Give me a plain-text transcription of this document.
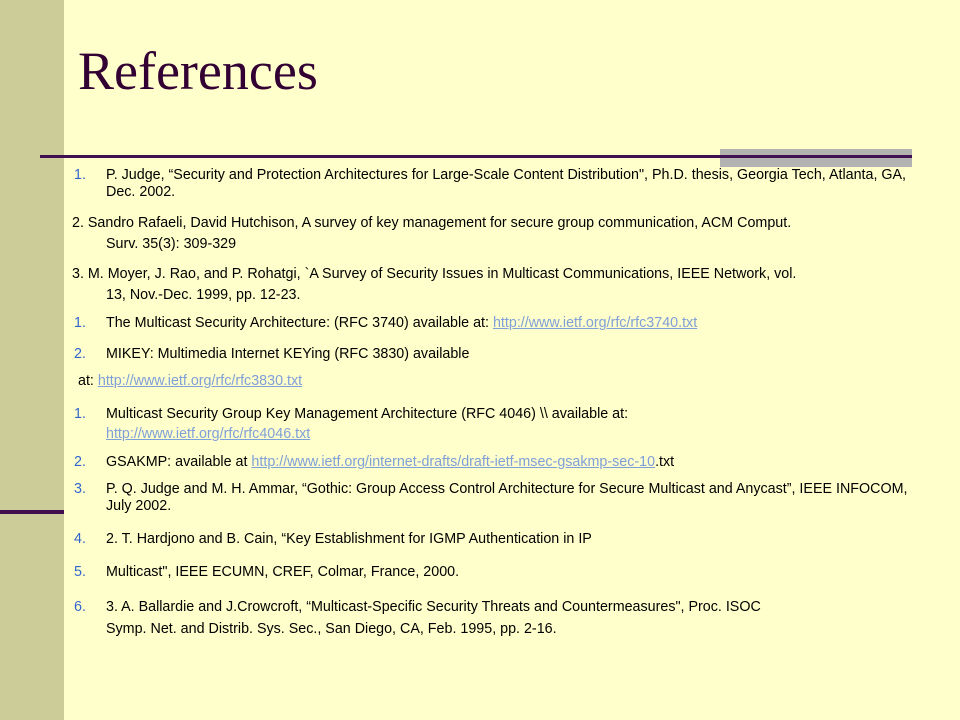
References
1. P. Judge, “Security and Protection Architectures for Large-Scale Content Distribution", Ph.D. thesis, Georgia Tech, Atlanta, GA, Dec. 2002.
2. Sandro Rafaeli, David Hutchison, A survey of key management for secure group communication, ACM Comput.
Surv. 35(3): 309-329
3. M. Moyer, J. Rao, and P. Rohatgi, `A Survey of Security Issues in Multicast Communications, IEEE Network, vol.
13, Nov.-Dec. 1999, pp. 12-23.
1. The Multicast Security Architecture: (RFC 3740) available at: http://www.ietf.org/rfc/rfc3740.txt
2. MIKEY: Multimedia Internet KEYing (RFC 3830) available
at: http://www.ietf.org/rfc/rfc3830.txt
1. Multicast Security Group Key Management Architecture (RFC 4046) \\ available at:
http://www.ietf.org/rfc/rfc4046.txt
2. GSAKMP: available at http://www.ietf.org/internet-drafts/draft-ietf-msec-gsakmp-sec-10.txt
3. P. Q. Judge and M. H. Ammar, “Gothic: Group Access Control Architecture for Secure Multicast and Anycast”, IEEE INFOCOM, July 2002.
4. 2. T. Hardjono and B. Cain, “Key Establishment for IGMP Authentication in IP
5. Multicast", IEEE ECUMN, CREF, Colmar, France, 2000.
6. 3. A. Ballardie and J.Crowcroft, “Multicast-Specific Security Threats and Countermeasures", Proc. ISOC
Symp. Net. and Distrib. Sys. Sec., San Diego, CA, Feb. 1995, pp. 2-16.
